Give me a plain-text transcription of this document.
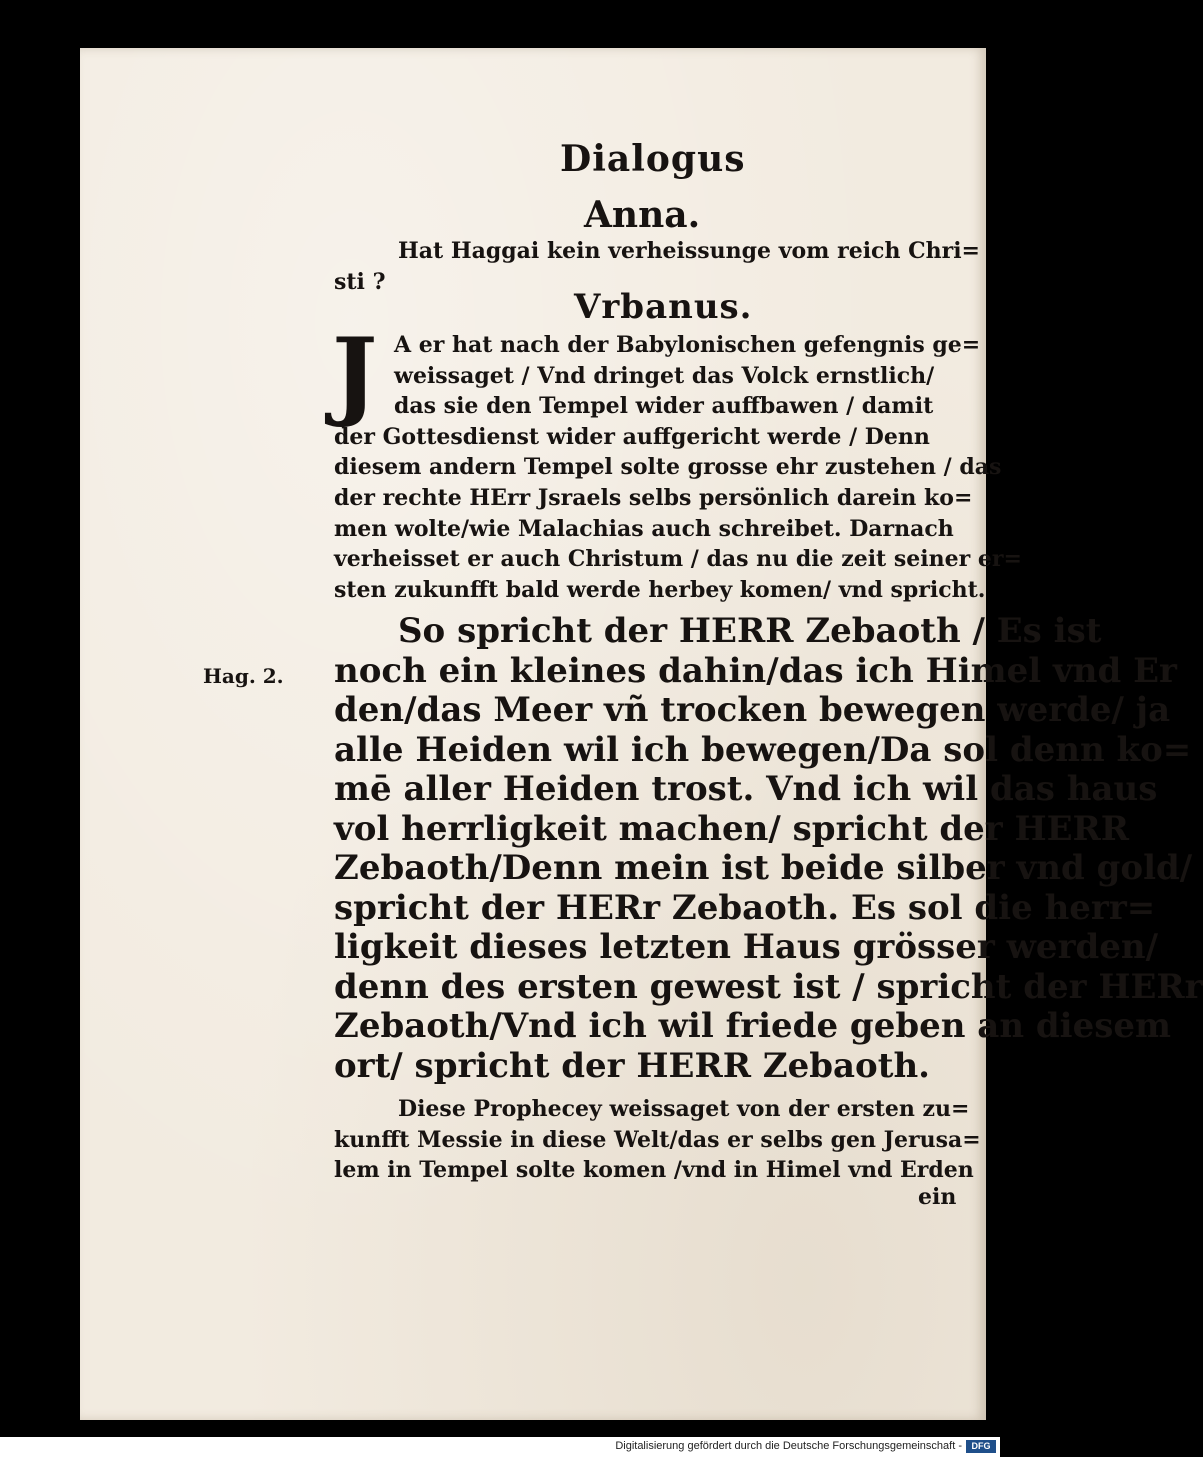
Dialogus
Anna.
Hat Haggai kein verheissunge vom reich Chri=
sti ?
Vrbanus.
J A er hat nach der Babylonischen gefengnis ge=
weissaget / Vnd dringet das Volck ernstlich/
das sie den Tempel wider auffbawen / damit
der Gottesdienst wider auffgericht werde / Denn
diesem andern Tempel solte grosse ehr zustehen / das
der rechte HErr Jsraels selbs persönlich darein ko=
men wolte/wie Malachias auch schreibet. Darnach
verheisset er auch Christum / das nu die zeit seiner er=
sten zukunfft bald werde herbey komen/ vnd spricht.
Hag. 2.
So spricht der HERR Zebaoth / Es ist
noch ein kleines dahin/das ich Himel vnd Er
den/das Meer vñ trocken bewegen werde/ ja
alle Heiden wil ich bewegen/Da sol denn ko=
mē aller Heiden trost. Vnd ich wil das haus
vol herrligkeit machen/ spricht der HERR
Zebaoth/Denn mein ist beide silber vnd gold/
spricht der HERr Zebaoth. Es sol die herr=
ligkeit dieses letzten Haus grösser werden/
denn des ersten gewest ist / spricht der HERr
Zebaoth/Vnd ich wil friede geben an diesem
ort/ spricht der HERR Zebaoth.
Diese Prophecey weissaget von der ersten zu=
kunfft Messie in diese Welt/das er selbs gen Jerusa=
lem in Tempel solte komen /vnd in Himel vnd Erden
ein
Digitalisierung gefördert durch die Deutsche Forschungsgemeinschaft -	DFG
